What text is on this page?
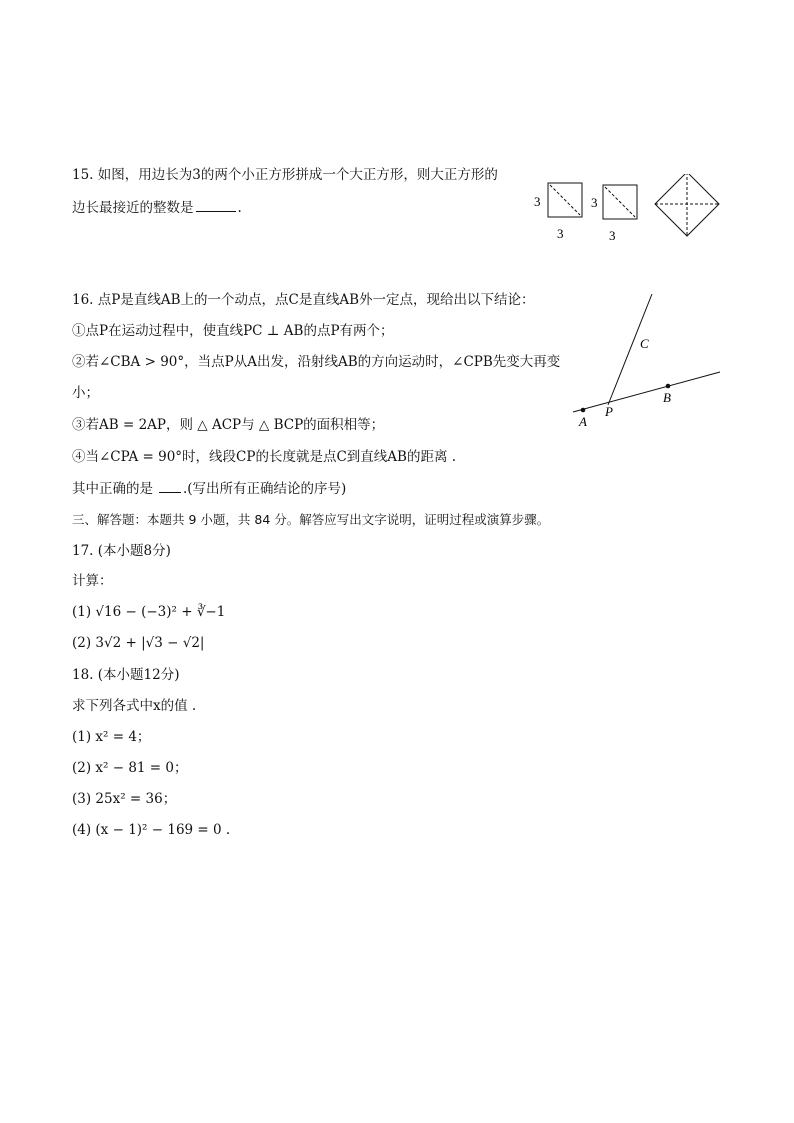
15. 如图，用边长为3的两个小正方形拼成一个大正方形，则大正方形的
边长最接近的整数是	.	3
3
3
3
16. 点P是直线AB上的一个动点，点C是直线AB外一定点，现给出以下结论：
①点P在运动过程中，使直线PC ⊥ AB的点P有两个；
②若∠CBA > 90°，当点P从A出发，沿射线AB的方向运动时，∠CPB先变大再变
小；
③若AB = 2AP，则 △ ACP与 △ BCP的面积相等；
④当∠CPA = 90°时，线段CP的长度就是点C到直线AB的距离 .
其中正确的是 .(写出所有正确结论的序号)
A
P
B
C
三、解答题：本题共 9 小题，共 84 分。解答应写出文字说明，证明过程或演算步骤。
17. (本小题8分)
计算：
(1) √16 − (−3)² + ∛−1
(2) 3√2 + |√3 − √2|
18. (本小题12分)
求下列各式中x的值 .
(1) x² = 4；
(2) x² − 81 = 0；
(3) 25x² = 36；
(4) (x − 1)² − 169 = 0 .
